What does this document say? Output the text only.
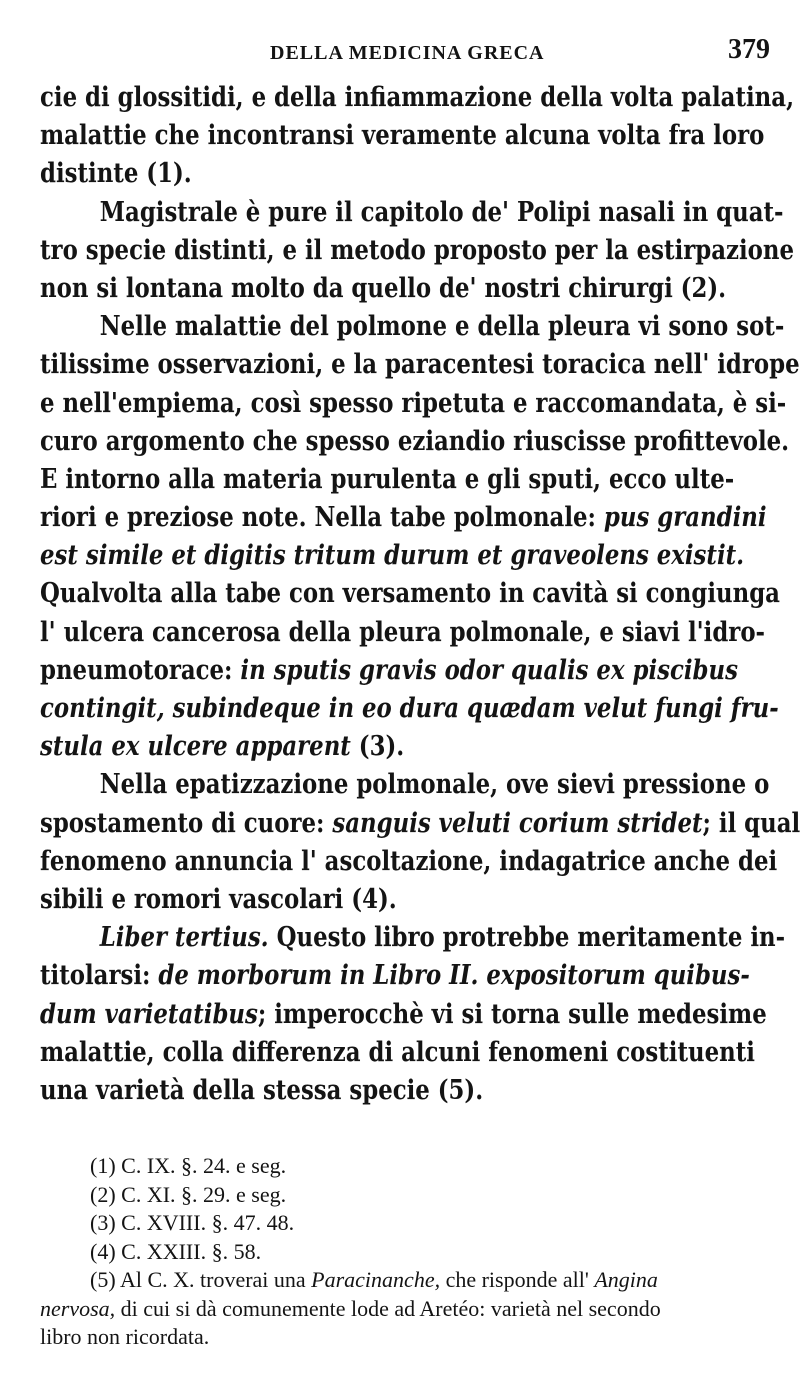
DELLA MEDICINA GRECA	379
cie di glossitidi, e della infiammazione della volta palatina,
malattie che incontransi veramente alcuna volta fra loro
distinte (1).
Magistrale è pure il capitolo de' Polipi nasali in quat-
tro specie distinti, e il metodo proposto per la estirpazione
non si lontana molto da quello de' nostri chirurgi (2).
Nelle malattie del polmone e della pleura vi sono sot-
tilissime osservazioni, e la paracentesi toracica nell' idrope
e nell'empiema, così spesso ripetuta e raccomandata, è si-
curo argomento che spesso eziandio riuscisse profittevole.
E intorno alla materia purulenta e gli sputi, ecco ulte-
riori e preziose note. Nella tabe polmonale: pus grandini
est simile et digitis tritum durum et graveolens existit.
Qualvolta alla tabe con versamento in cavità si congiunga
l' ulcera cancerosa della pleura polmonale, e siavi l'idro-
pneumotorace: in sputis gravis odor qualis ex piscibus
contingit, subindeque in eo dura quædam velut fungi fru-
stula ex ulcere apparent (3).
Nella epatizzazione polmonale, ove sievi pressione o
spostamento di cuore: sanguis veluti corium stridet; il qual
fenomeno annuncia l' ascoltazione, indagatrice anche dei
sibili e romori vascolari (4).
Liber tertius. Questo libro protrebbe meritamente in-
titolarsi: de morborum in Libro II. expositorum quibus-
dum varietatibus; imperocchè vi si torna sulle medesime
malattie, colla differenza di alcuni fenomeni costituenti
una varietà della stessa specie (5).
(1) C. IX. §. 24. e seg.
(2) C. XI. §. 29. e seg.
(3) C. XVIII. §. 47. 48.
(4) C. XXIII. §. 58.
(5) Al C. X. troverai una Paracinanche, che risponde all' Angina
nervosa, di cui si dà comunemente lode ad Aretéo: varietà nel secondo
libro non ricordata.
